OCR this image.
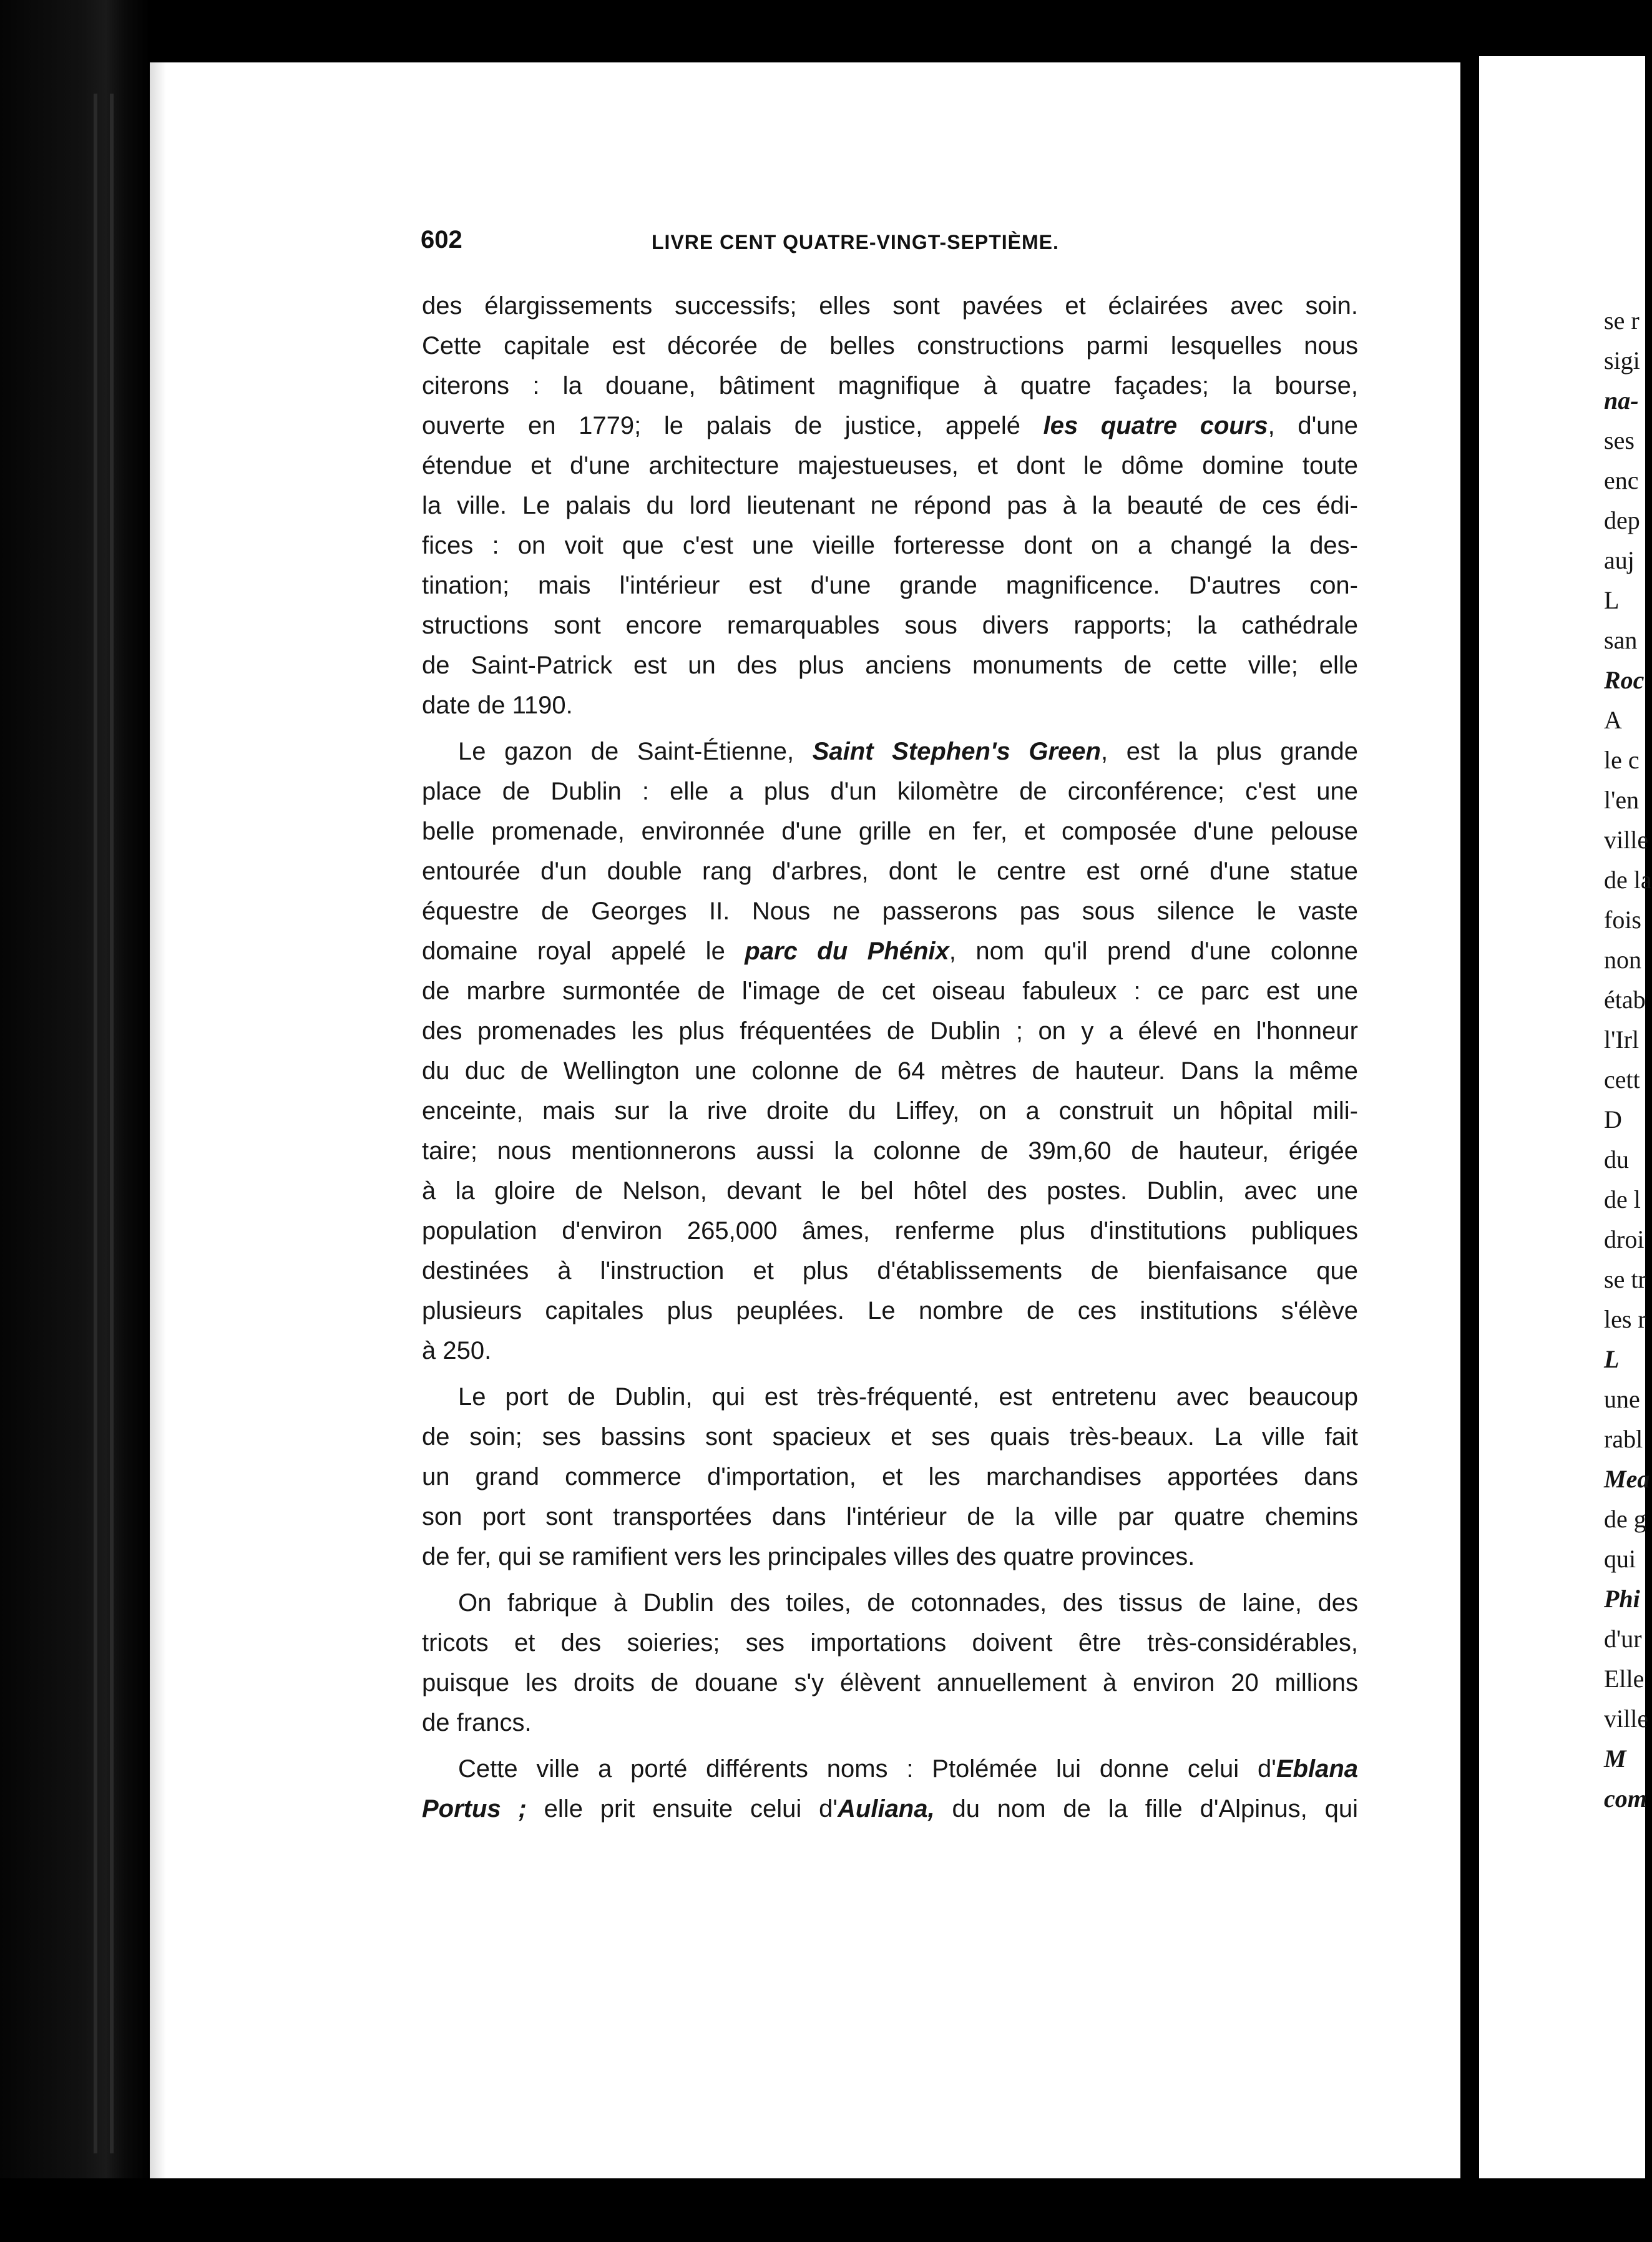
se r
sigi
na-
ses
enc
dep
auj
L
san
Roc
A
le c
l'en
ville
de la
fois
non
étab
l'Irl
cett
D
du
de l
droi
se tr
les r
L
une
rabl
Mea
de g
qui
Phi
d'ur
Elle
ville
M
com
602	LIVRE CENT QUATRE-VINGT-SEPTIÈME.

des élargissements successifs; elles sont pavées et éclairées avec soin.
Cette capitale est décorée de belles constructions parmi lesquelles nous
citerons : la douane, bâtiment magnifique à quatre façades; la bourse,
ouverte en 1779; le palais de justice, appelé les quatre cours, d'une
étendue et d'une architecture majestueuses, et dont le dôme domine toute
la ville. Le palais du lord lieutenant ne répond pas à la beauté de ces édi-
fices : on voit que c'est une vieille forteresse dont on a changé la des-
tination; mais l'intérieur est d'une grande magnificence. D'autres con-
structions sont encore remarquables sous divers rapports; la cathédrale
de Saint-Patrick est un des plus anciens monuments de cette ville; elle
date de 1190.

Le gazon de Saint-Étienne, Saint Stephen's Green, est la plus grande
place de Dublin : elle a plus d'un kilomètre de circonférence; c'est une
belle promenade, environnée d'une grille en fer, et composée d'une pelouse
entourée d'un double rang d'arbres, dont le centre est orné d'une statue
équestre de Georges II. Nous ne passerons pas sous silence le vaste
domaine royal appelé le parc du Phénix, nom qu'il prend d'une colonne
de marbre surmontée de l'image de cet oiseau fabuleux : ce parc est une
des promenades les plus fréquentées de Dublin ; on y a élevé en l'honneur
du duc de Wellington une colonne de 64 mètres de hauteur. Dans la même
enceinte, mais sur la rive droite du Liffey, on a construit un hôpital mili-
taire; nous mentionnerons aussi la colonne de 39m,60 de hauteur, érigée
à la gloire de Nelson, devant le bel hôtel des postes. Dublin, avec une
population d'environ 265,000 âmes, renferme plus d'institutions publiques
destinées à l'instruction et plus d'établissements de bienfaisance que
plusieurs capitales plus peuplées. Le nombre de ces institutions s'élève
à 250.

Le port de Dublin, qui est très-fréquenté, est entretenu avec beaucoup
de soin; ses bassins sont spacieux et ses quais très-beaux. La ville fait
un grand commerce d'importation, et les marchandises apportées dans
son port sont transportées dans l'intérieur de la ville par quatre chemins
de fer, qui se ramifient vers les principales villes des quatre provinces.

On fabrique à Dublin des toiles, de cotonnades, des tissus de laine, des
tricots et des soieries; ses importations doivent être très-considérables,
puisque les droits de douane s'y élèvent annuellement à environ 20 millions
de francs.

Cette ville a porté différents noms : Ptolémée lui donne celui d'Eblana
Portus ; elle prit ensuite celui d'Auliana, du nom de la fille d'Alpinus, qui
